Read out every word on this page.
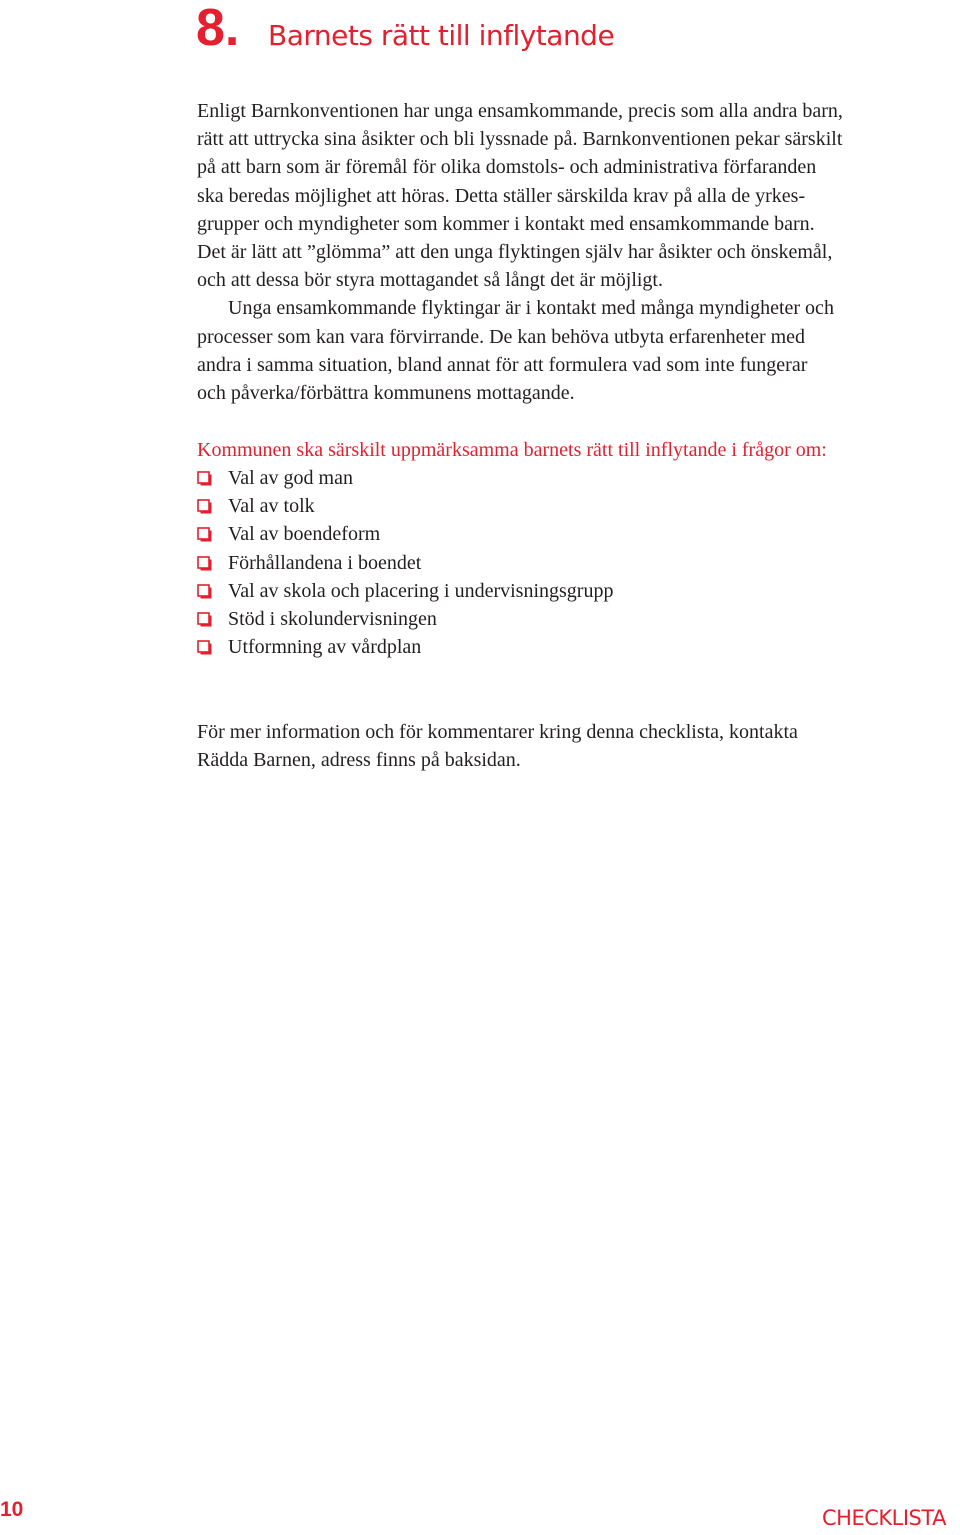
8. Barnets rätt till inflytande

Enligt Barnkonventionen har unga ensamkommande, precis som alla andra barn,

rätt att uttrycka sina åsikter och bli lyssnade på. Barnkonventionen pekar särskilt

på att barn som är föremål för olika domstols- och administrativa förfaranden

ska beredas möjlighet att höras. Detta ställer särskilda krav på alla de yrkes-

grupper och myndigheter som kommer i kontakt med ensamkommande barn.

Det är lätt att ”glömma” att den unga flyktingen själv har åsikter och önskemål,

och att dessa bör styra mottagandet så långt det är möjligt.

Unga ensamkommande flyktingar är i kontakt med många myndigheter och

processer som kan vara förvirrande. De kan behöva utbyta erfarenheter med

andra i samma situation, bland annat för att formulera vad som inte fungerar

och påverka/förbättra kommunens mottagande.

Kommunen ska särskilt uppmärksamma barnets rätt till inflytande i frågor om:

Val av god man
Val av tolk
Val av boendeform
Förhållandena i boendet
Val av skola och placering i undervisningsgrupp
Stöd i skolundervisningen
Utformning av vårdplan

För mer information och för kommentarer kring denna checklista, kontakta

Rädda Barnen, adress finns på baksidan.

10	CHECKLISTA
